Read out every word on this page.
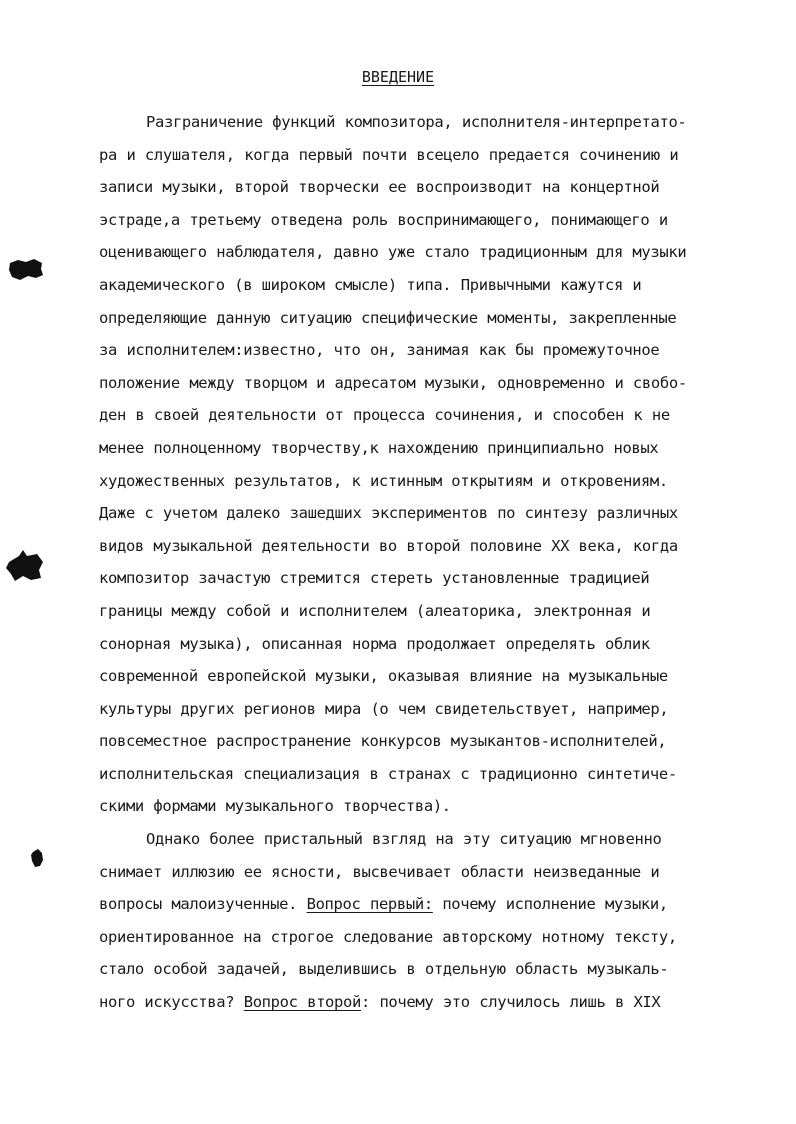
ВВЕДЕНИЕ
Разграничение функций композитора, исполнителя-интерпретато-
ра и слушателя, когда первый почти всецело предается сочинению и
записи музыки, второй творчески ее воспроизводит на концертной
эстраде,а третьему отведена роль воспринимающего, понимающего и
оценивающего наблюдателя, давно уже стало традиционным для музыки
академического (в широком смысле) типа. Привычными кажутся и
определяющие данную ситуацию специфические моменты, закрепленные
за исполнителем:известно, что он, занимая как бы промежуточное
положение между творцом и адресатом музыки, одновременно и свобо-
ден в своей деятельности от процесса сочинения, и способен к не
менее полноценному творчеству,к нахождению принципиально новых
художественных результатов, к истинным открытиям и откровениям.
Даже с учетом далеко зашедших экспериментов по синтезу различных
видов музыкальной деятельности во второй половине XX века, когда
композитор зачастую стремится стереть установленные традицией
границы между собой и исполнителем (алеаторика, электронная и
сонорная музыка), описанная норма продолжает определять облик
современной европейской музыки, оказывая влияние на музыкальные
культуры других регионов мира (о чем свидетельствует, например,
повсеместное распространение конкурсов музыкантов-исполнителей,
исполнительская специализация в странах с традиционно синтетиче-
скими формами музыкального творчества).
Однако более пристальный взгляд на эту ситуацию мгновенно
снимает иллюзию ее ясности, высвечивает области неизведанные и
вопросы малоизученные. Вопрос первый: почему исполнение музыки,
ориентированное на строгое следование авторскому нотному тексту,
стало особой задачей, выделившись в отдельную область музыкаль-
ного искусства? Вопрос второй: почему это случилось лишь в XIX
